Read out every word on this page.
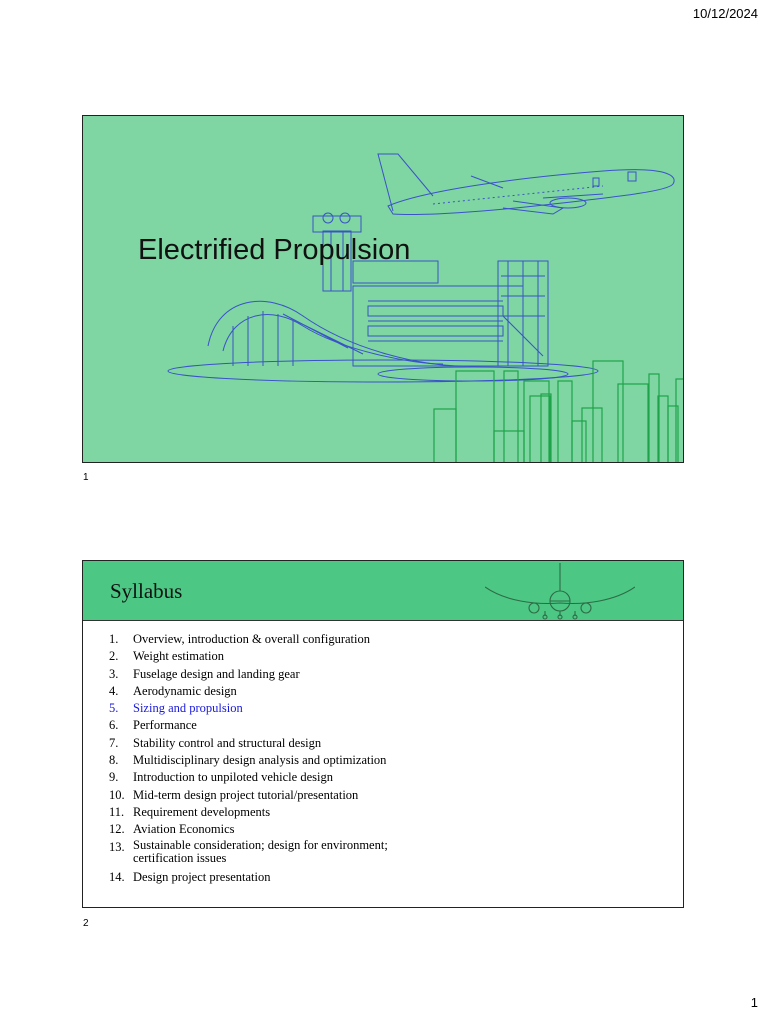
10/12/2024
Electrified Propulsion
1
Syllabus
1.	Overview, introduction & overall configuration
2.	Weight estimation
3.	Fuselage design and landing gear
4.	Aerodynamic design
5.	Sizing and propulsion
6.	Performance
7.	Stability control and structural design
8.	Multidisciplinary design analysis and optimization
9.	Introduction to unpiloted vehicle design
10. Mid-term design project tutorial/presentation
11. Requirement developments
12. Aviation Economics
13. Sustainable consideration; design for environment; certification issues
14. Design project presentation
2
1
